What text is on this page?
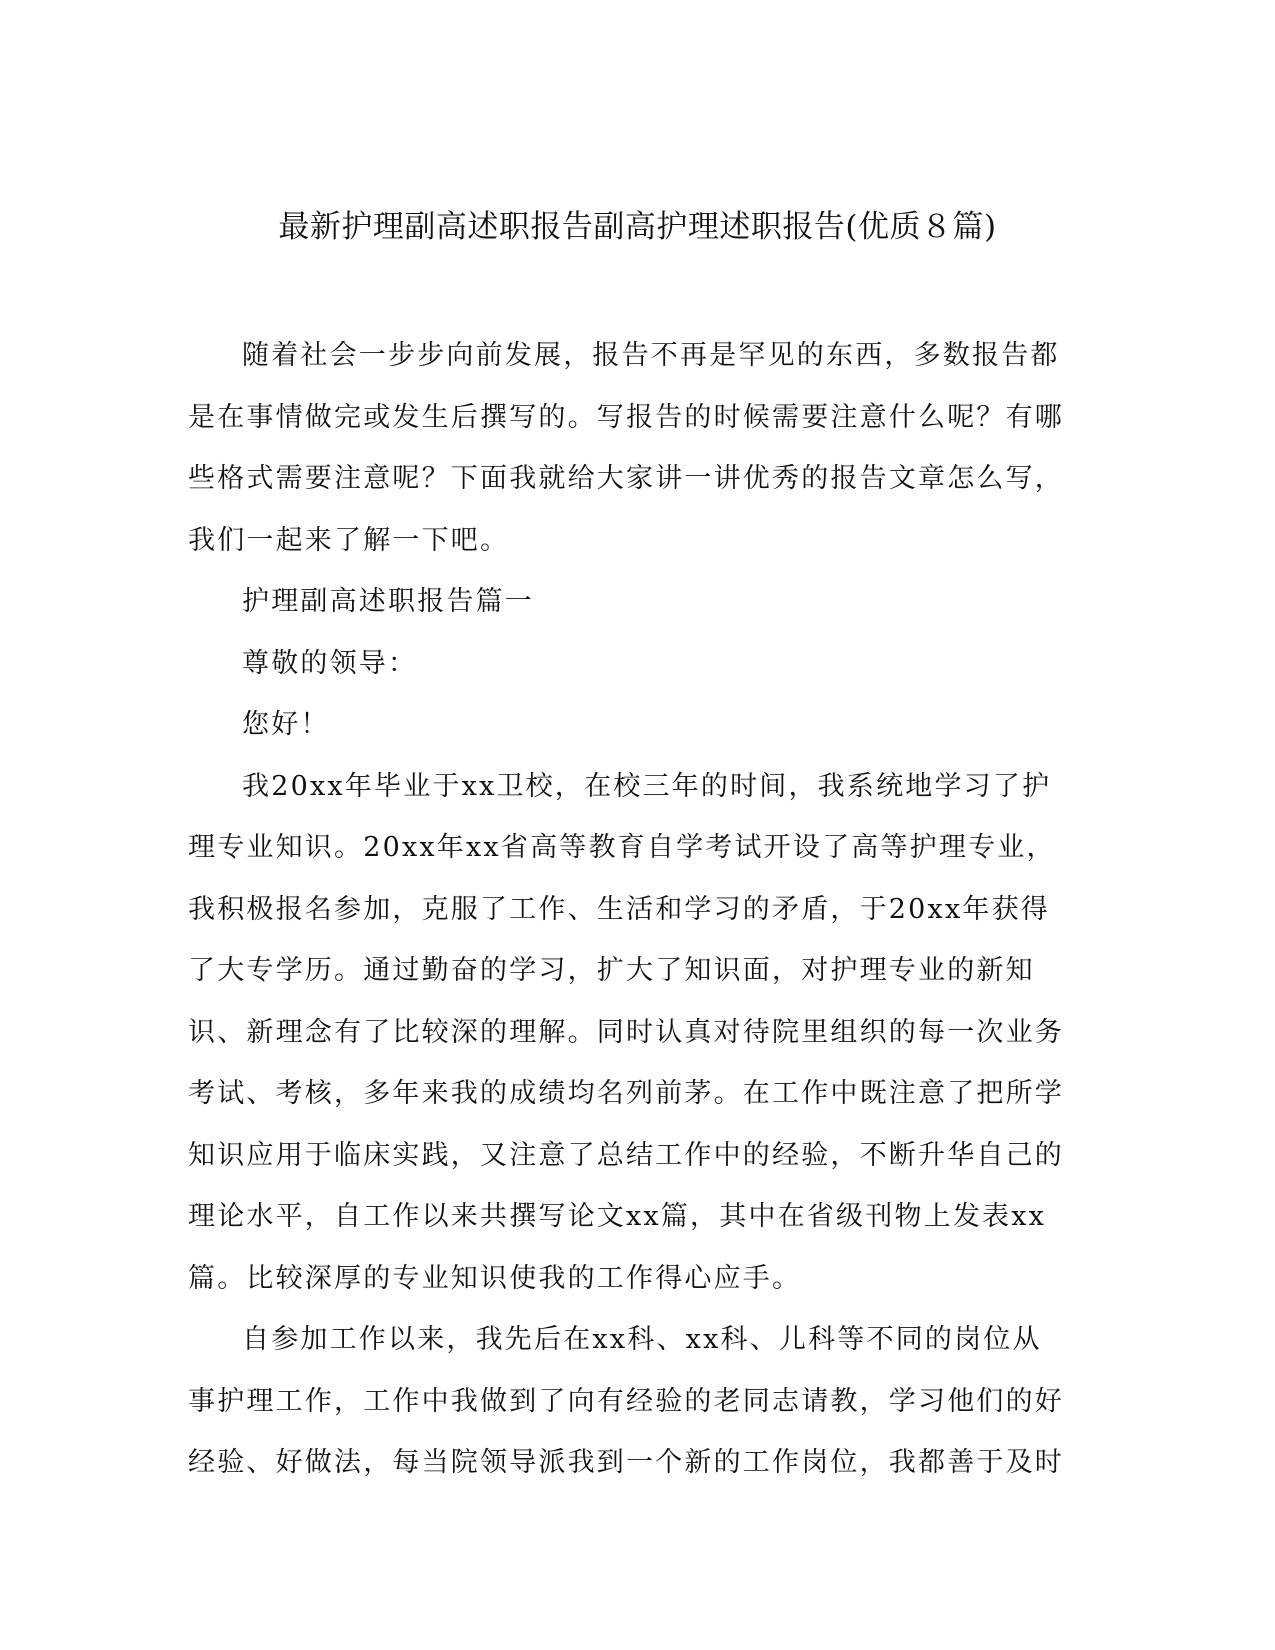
最新护理副高述职报告副高护理述职报告(优质８篇)

随着社会一步步向前发展，报告不再是罕见的东西，多数报告都是在事情做完或发生后撰写的。写报告的时候需要注意什么呢？有哪些格式需要注意呢？下面我就给大家讲一讲优秀的报告文章怎么写，我们一起来了解一下吧。

护理副高述职报告篇一

尊敬的领导：

您好！

我20xx年毕业于xx卫校，在校三年的时间，我系统地学习了护理专业知识。20xx年xx省高等教育自学考试开设了高等护理专业，我积极报名参加，克服了工作、生活和学习的矛盾，于20xx年获得了大专学历。通过勤奋的学习，扩大了知识面，对护理专业的新知识、新理念有了比较深的理解。同时认真对待院里组织的每一次业务考试、考核，多年来我的成绩均名列前茅。在工作中既注意了把所学知识应用于临床实践，又注意了总结工作中的经验，不断升华自己的理论水平，自工作以来共撰写论文xx篇，其中在省级刊物上发表xx篇。比较深厚的专业知识使我的工作得心应手。

自参加工作以来，我先后在xx科、xx科、儿科等不同的岗位从事护理工作，工作中我做到了向有经验的老同志请教，学习他们的好经验、好做法，每当院领导派我到一个新的工作岗位，我都善于及时
